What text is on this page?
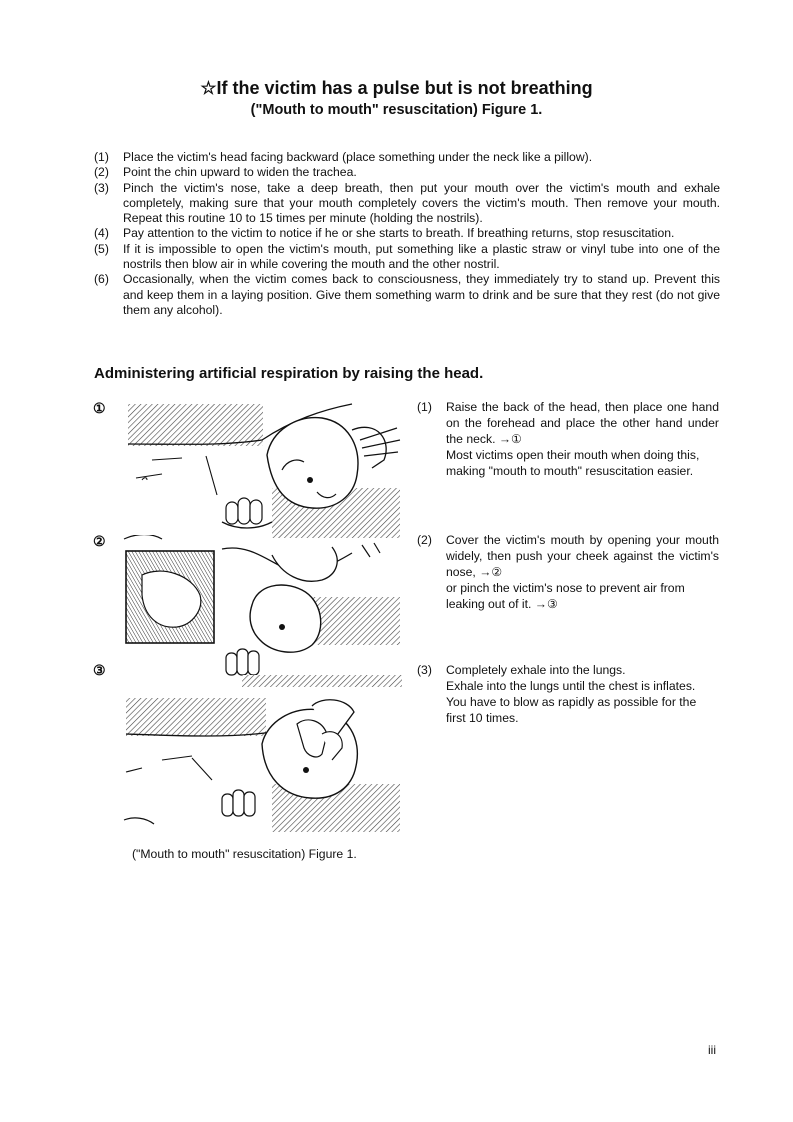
☆If the victim has a pulse but is not breathing
("Mouth to mouth" resuscitation) Figure 1.
(1) Place the victim's head facing backward (place something under the neck like a pillow).
(2) Point the chin upward to widen the trachea.
(3) Pinch the victim's nose, take a deep breath, then put your mouth over the victim's mouth and exhale completely, making sure that your mouth completely covers the victim's mouth. Then remove your mouth. Repeat this routine 10 to 15 times per minute (holding the nostrils).
(4) Pay attention to the victim to notice if he or she starts to breath. If breathing returns, stop resuscitation.
(5) If it is impossible to open the victim's mouth, put something like a plastic straw or vinyl tube into one of the nostrils then blow air in while covering the mouth and the other nostril.
(6) Occasionally, when the victim comes back to consciousness, they immediately try to stand up. Prevent this and keep them in a laying position. Give them something warm to drink and be sure that they rest (do not give them any alcohol).
Administering artificial respiration by raising the head.
①
②
③
("Mouth to mouth" resuscitation) Figure 1.
(1) Raise the back of the head, then place one hand on the forehead and place the other hand under the neck. →①
Most victims open their mouth when doing this, making "mouth to mouth" resuscitation easier.
(2) Cover the victim's mouth by opening your mouth widely, then push your cheek against the victim's nose, →②
or pinch the victim's nose to prevent air from leaking out of it. →③
(3) Completely exhale into the lungs.
Exhale into the lungs until the chest is inflates. You have to blow as rapidly as possible for the first 10 times.
iii
